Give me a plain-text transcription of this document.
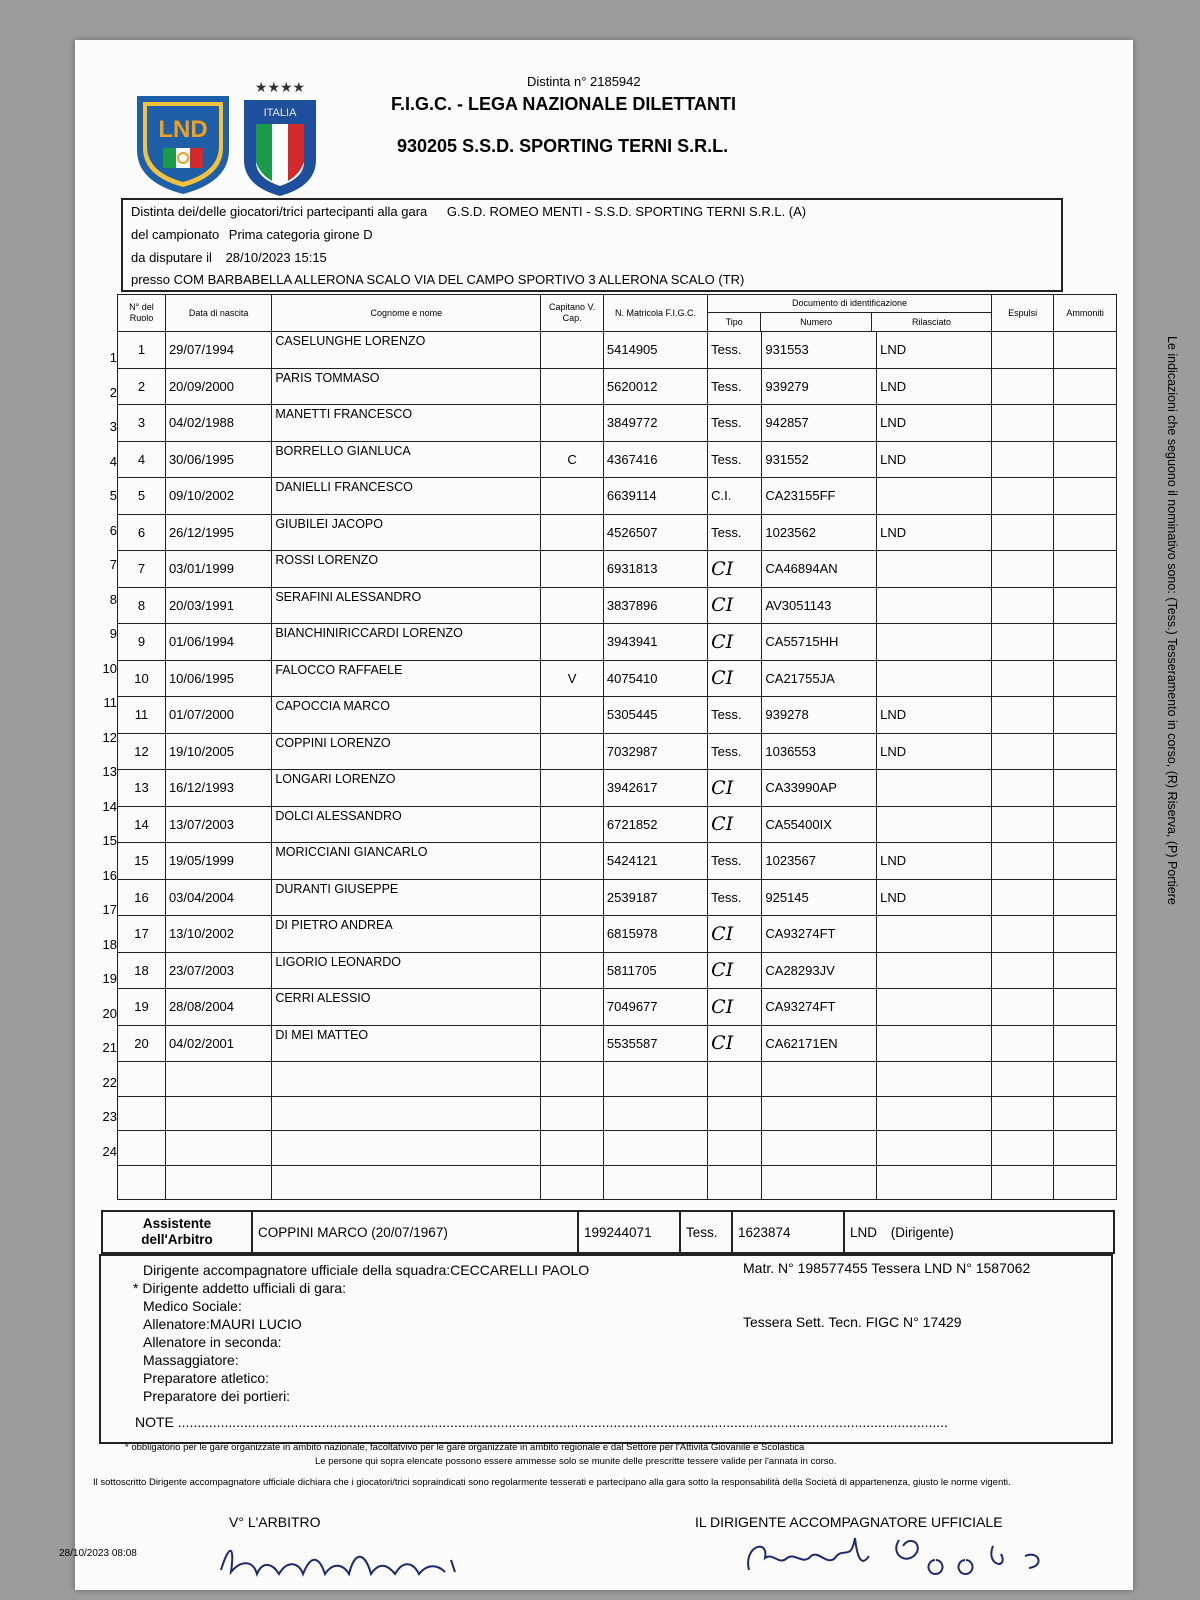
LND
★★★★
ITALIA
Distinta n° 2185942
F.I.G.C. - LEGA NAZIONALE DILETTANTI
930205 S.S.D. SPORTING TERNI S.R.L.
Distinta dei/delle giocatori/trici partecipanti alla gara G.S.D. ROMEO MENTI - S.S.D. SPORTING TERNI S.R.L. (A)
del campionato Prima categoria girone D
da disputare il 28/10/2023 15:15
presso COM BARBABELLA ALLERONA SCALO VIA DEL CAMPO SPORTIVO 3 ALLERONA SCALO (TR)
1
2
3
4
5
6
7
8
9
10
11
12
13
14
15
16
17
18
19
20
21
22
23
24
N° del Ruolo	Data di nascita	Cognome e nome	Capitano V. Cap.	N. Matricola F.I.G.C.	Documento di identificazione
Tipo Numero Rilasciato			Espulsi	Ammoniti
1	29/07/1994	CASELUNGHE LORENZO		5414905	Tess.	931553	LND		
2	20/09/2000	PARIS TOMMASO		5620012	Tess.	939279	LND		
3	04/02/1988	MANETTI FRANCESCO		3849772	Tess.	942857	LND		
4	30/06/1995	BORRELLO GIANLUCA	C	4367416	Tess.	931552	LND		
5	09/10/2002	DANIELLI FRANCESCO		6639114	C.I.	CA23155FF			
6	26/12/1995	GIUBILEI JACOPO		4526507	Tess.	1023562	LND		
7	03/01/1999	ROSSI LORENZO		6931813	CI	CA46894AN			
8	20/03/1991	SERAFINI ALESSANDRO		3837896	CI	AV3051143			
9	01/06/1994	BIANCHINIRICCARDI LORENZO		3943941	CI	CA55715HH			
10	10/06/1995	FALOCCO RAFFAELE	V	4075410	CI	CA21755JA			
11	01/07/2000	CAPOCCIA MARCO		5305445	Tess.	939278	LND		
12	19/10/2005	COPPINI LORENZO		7032987	Tess.	1036553	LND		
13	16/12/1993	LONGARI LORENZO		3942617	CI	CA33990AP			
14	13/07/2003	DOLCI ALESSANDRO		6721852	CI	CA55400IX			
15	19/05/1999	MORICCIANI GIANCARLO		5424121	Tess.	1023567	LND		
16	03/04/2004	DURANTI GIUSEPPE		2539187	Tess.	925145	LND		
17	13/10/2002	DI PIETRO ANDREA		6815978	CI	CA93274FT			
18	23/07/2003	LIGORIO LEONARDO		5811705	CI	CA28293JV			
19	28/08/2004	CERRI ALESSIO		7049677	CI	CA93274FT			
20	04/02/2001	DI MEI MATTEO		5535587	CI	CA62171EN			

Assistente dell'Arbitro	COPPINI MARCO (20/07/1967)	199244071	Tess.	1623874	LND (Dirigente)
Dirigente accompagnatore ufficiale della squadra:CECCARELLI PAOLO	Matr. N° 198577455 Tessera LND N° 1587062
* Dirigente addetto ufficiali di gara:
Medico Sociale:
Allenatore:MAURI LUCIO	Tessera Sett. Tecn. FIGC N° 17429
Allenatore in seconda:
Massaggiatore:
Preparatore atletico:
Preparatore dei portieri:
NOTE ......................................................................................................................................................................................................
* obbligatorio per le gare organizzate in ambito nazionale, facoltatvivo per le gare organizzate in ambito regionale e dal Settore per l'Attività Giovanile e Scolastica
Le persone qui sopra elencate possono essere ammesse solo se munite delle prescritte tessere valide per l'annata in corso.
Il sottoscritto Dirigente accompagnatore ufficiale dichiara che i giocatori/trici sopraindicati sono regolarmente tesserati e partecipano alla gara sotto la responsabilità della Società di appartenenza, giusto le norme vigenti.
V° L'ARBITRO	IL DIRIGENTE ACCOMPAGNATORE UFFICIALE
28/10/2023 08:08
Le indicazioni che seguono il nominativo sono: (Tess.) Tesseramento in corso, (R) Riserva, (P) Portiere
